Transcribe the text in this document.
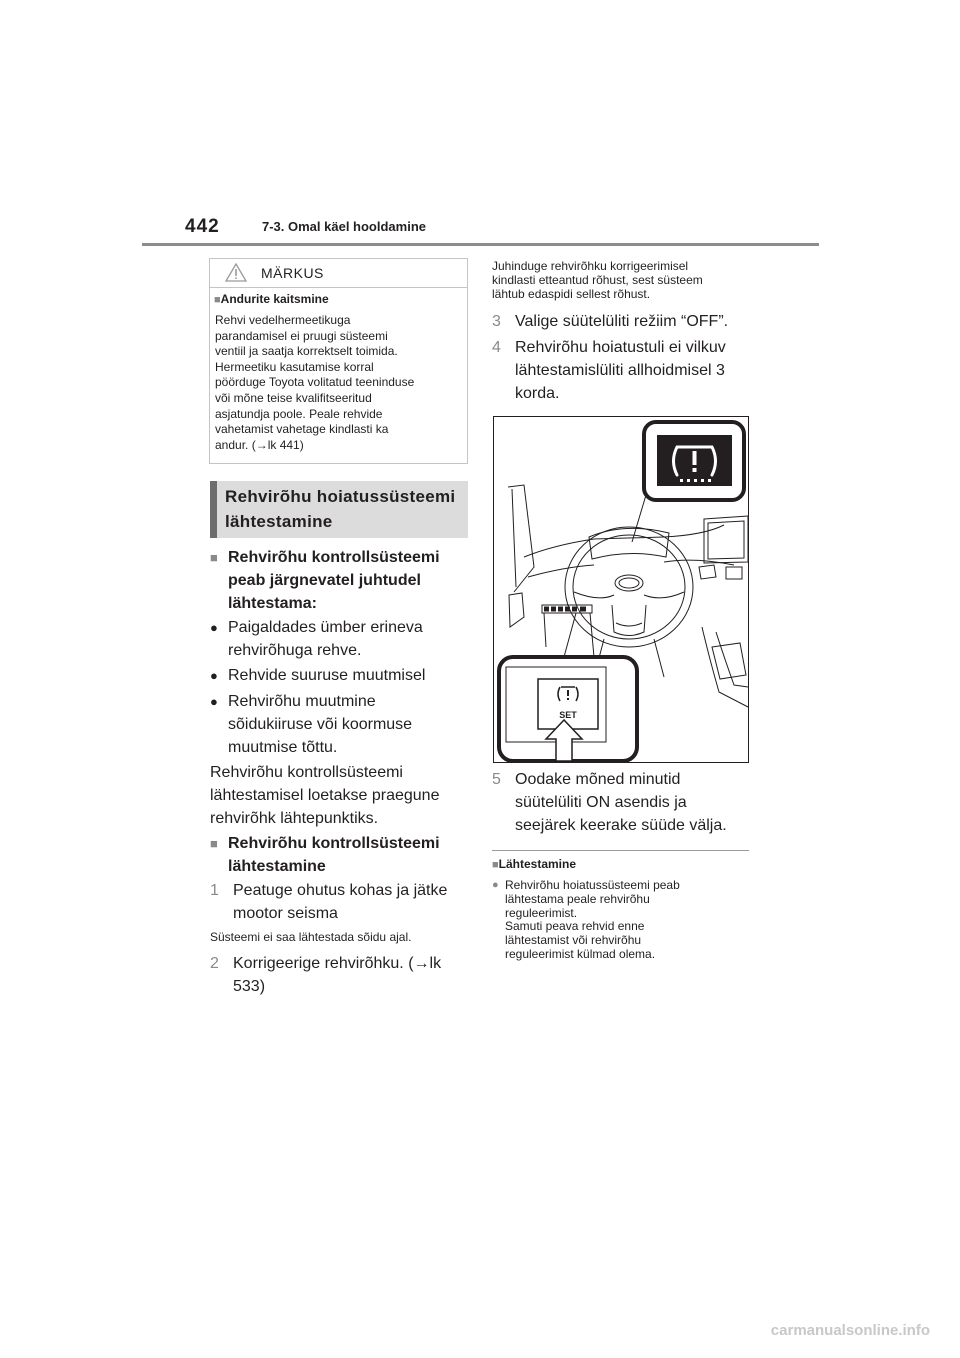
442	7-3. Omal käel hooldamine
MÄRKUS
■Andurite kaitsmine
Rehvi vedelhermeetikuga
parandamisel ei pruugi süsteemi
ventiil ja saatja korrektselt toimida.
Hermeetiku kasutamise korral
pöörduge Toyota volitatud teeninduse
või mõne teise kvalifitseeritud
asjatundja poole. Peale rehvide
vahetamist vahetage kindlasti ka
andur. (→lk 441)
Rehvirõhu hoiatussüsteemi
lähtestamine
■ Rehvirõhu kontrollsüsteemi
peab järgnevatel juhtudel
lähtestama:
● Paigaldades ümber erineva
rehvirõhuga rehve.
● Rehvide suuruse muutmisel
● Rehvirõhu muutmine
sõidukiiruse või koormuse
muutmise tõttu.
Rehvirõhu kontrollsüsteemi
lähtestamisel loetakse praegune
rehvirõhk lähtepunktiks.
■ Rehvirõhu kontrollsüsteemi
lähtestamine
1 Peatuge ohutus kohas ja jätke
mootor seisma
Süsteemi ei saa lähtestada sõidu ajal.
2 Korrigeerige rehvirõhku. (→lk
533)
Juhinduge rehvirõhku korrigeerimisel
kindlasti etteantud rõhust, sest süsteem
lähtub edaspidi sellest rõhust.
3 Valige süütelüliti režiim “OFF”.
4 Rehvirõhu hoiatustuli ei vilkuv
lähtestamislüliti allhoidmisel 3
korda.
SET
5 Oodake mõned minutid
süütelüliti ON asendis ja
seejärek keerake süüde välja.
■Lähtestamine
● Rehvirõhu hoiatussüsteemi peab
lähtestama peale rehvirõhu
reguleerimist.
Samuti peava rehvid enne
lähtestamist või rehvirõhu
reguleerimist külmad olema.
carmanualsonline.info
